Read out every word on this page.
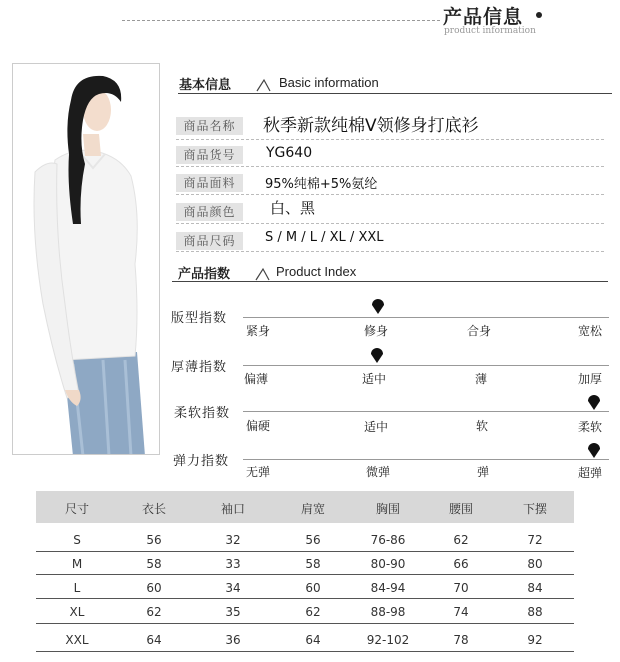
产品信息
product information
基本信息	Basic information
商品名称	秋季新款纯棉V领修身打底衫
商品货号	YG640
商品面料	95%纯棉+5%氨纶
商品颜色	白、黑
商品尺码	S / M / L / XL / XXL
产品指数	Product Index
版型指数
紧身	修身	合身	宽松
厚薄指数
偏薄	适中	薄	加厚
柔软指数
偏硬	适中	软	柔软
弹力指数
无弹	微弹	弹	超弹
尺寸	衣长	袖口	肩宽	胸围	腰围	下摆
S	56	32	56	76-86	62	72
M	58	33	58	80-90	66	80
L	60	34	60	84-94	70	84
XL	62	35	62	88-98	74	88
XXL	64	36	64	92-102	78	92
